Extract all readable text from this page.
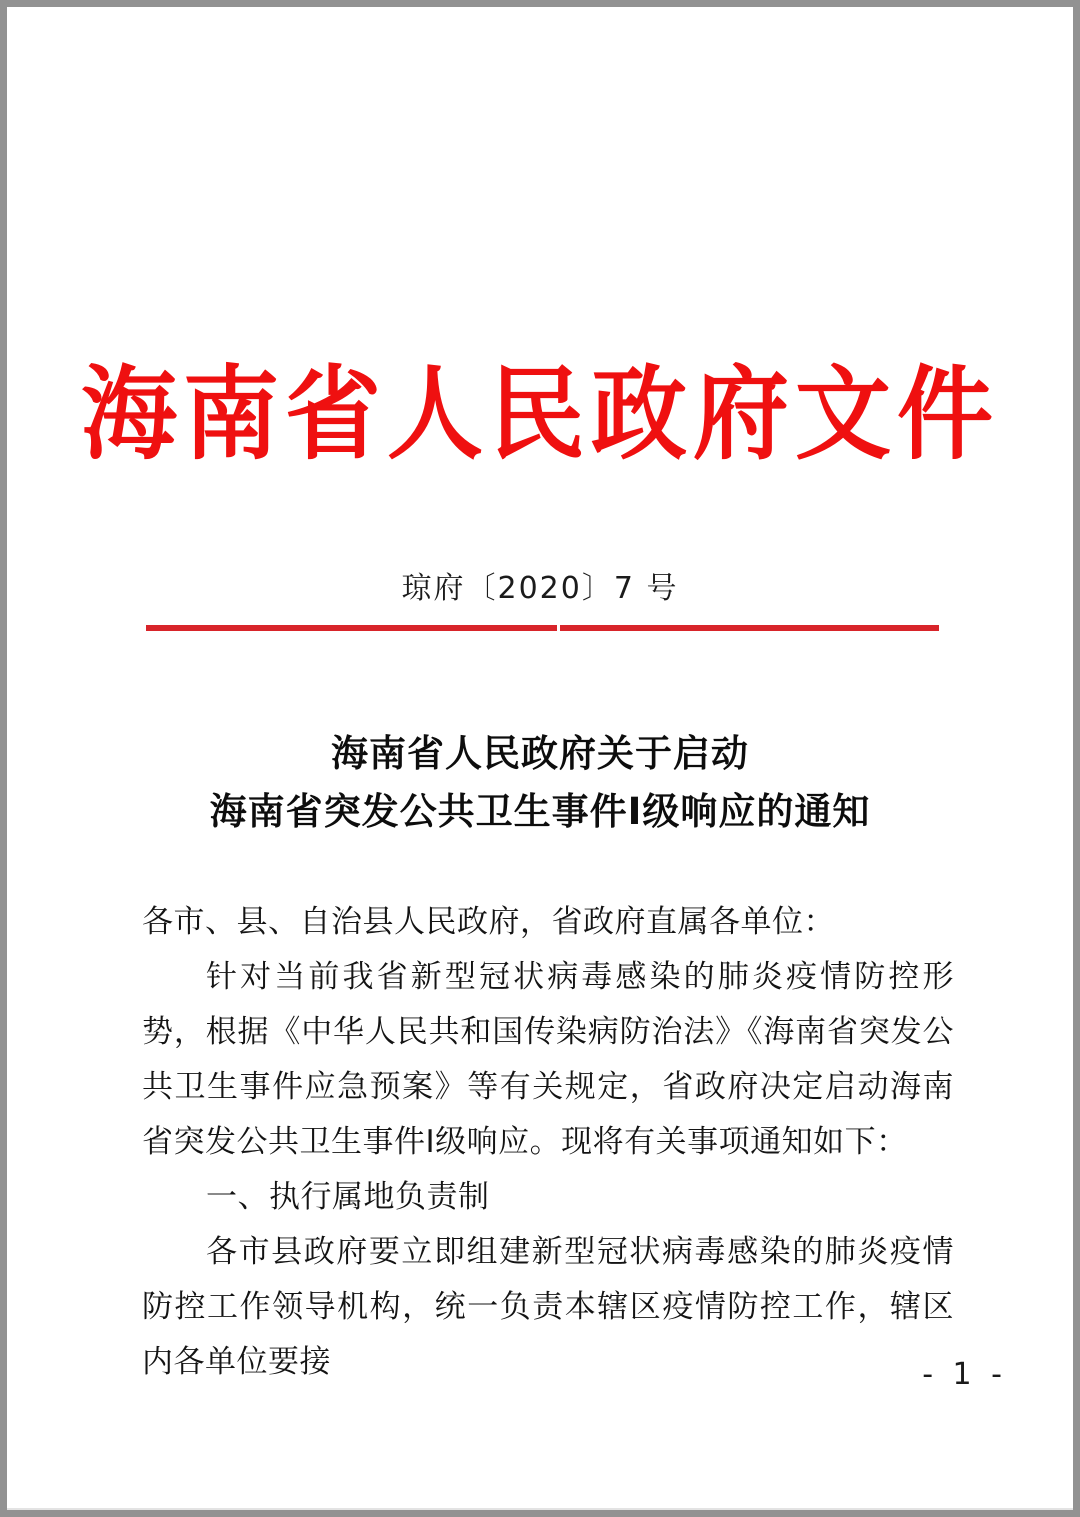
海南省人民政府文件
琼府〔2020〕7 号
海南省人民政府关于启动
海南省突发公共卫生事件Ⅰ级响应的通知

各市、县、自治县人民政府，省政府直属各单位：

针对当前我省新型冠状病毒感染的肺炎疫情防控形势，根据《中华人民共和国传染病防治法》《海南省突发公共卫生事件应急预案》等有关规定，省政府决定启动海南省突发公共卫生事件Ⅰ级响应。现将有关事项通知如下：

一、执行属地负责制

各市县政府要立即组建新型冠状病毒感染的肺炎疫情防控工作领导机构，统一负责本辖区疫情防控工作，辖区内各单位要接	- 1 -
